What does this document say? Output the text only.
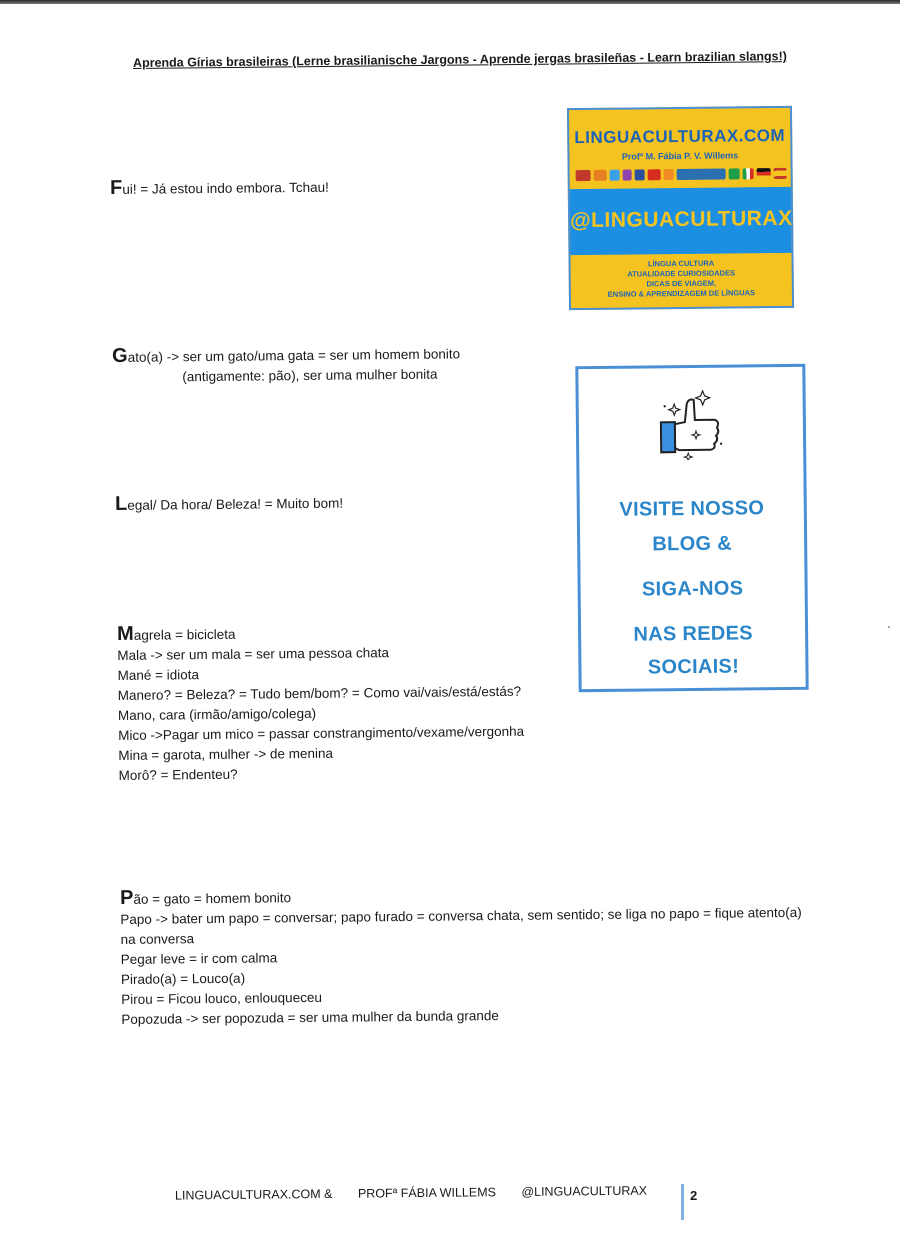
Aprenda Gírias brasileiras (Lerne brasilianische Jargons - Aprende jergas brasileñas - Learn brazilian slangs!)
Fui! = Já estou indo embora. Tchau!
Gato(a) -> ser um gato/uma gata = ser um homem bonito
(antigamente: pão), ser uma mulher bonita
Legal/ Da hora/ Beleza! = Muito bom!
Magrela = bicicleta
Mala -> ser um mala = ser uma pessoa chata
Mané = idiota
Manero? = Beleza? = Tudo bem/bom? = Como vai/vais/está/estás?
Mano, cara (irmão/amigo/colega)
Mico ->Pagar um mico = passar constrangimento/vexame/vergonha
Mina = garota, mulher -> de menina
Morô? = Endenteu?
Pão = gato = homem bonito
Papo -> bater um papo = conversar; papo furado = conversa chata, sem sentido; se liga no papo = fique atento(a) na conversa
Pegar leve = ir com calma
Pirado(a) = Louco(a)
Pirou = Ficou louco, enlouqueceu
Popozuda -> ser popozuda = ser uma mulher da bunda grande
LINGUACULTURAX.COM
Profª M. Fábia P. V. Willems
@LINGUACULTURAX
LÍNGUA CULTURA
ATUALIDADE CURIOSIDADES
DICAS DE VIAGEM,
ENSINO & APRENDIZAGEM DE LÍNGUAS
VISITE NOSSO
BLOG &
SIGA-NOS
NAS REDES
SOCIAIS!
LINGUACULTURAX.COM & PROFª FÁBIA WILLEMS @LINGUACULTURAX	2
